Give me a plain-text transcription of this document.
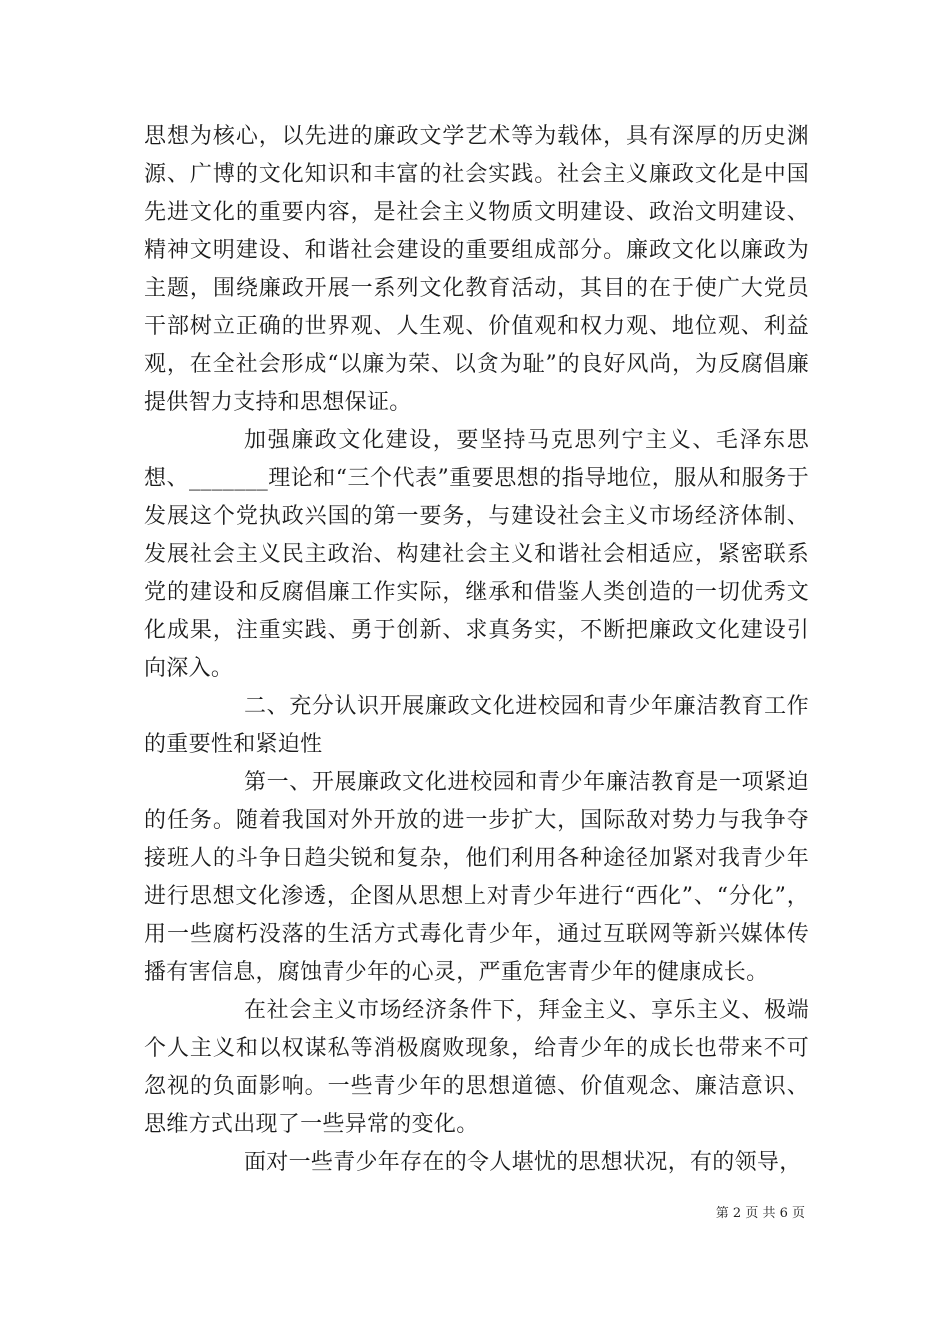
思想为核心，以先进的廉政文学艺术等为载体，具有深厚的历史渊源、广博的文化知识和丰富的社会实践。社会主义廉政文化是中国先进文化的重要内容，是社会主义物质文明建设、政治文明建设、精神文明建设、和谐社会建设的重要组成部分。廉政文化以廉政为主题，围绕廉政开展一系列文化教育活动，其目的在于使广大党员干部树立正确的世界观、人生观、价值观和权力观、地位观、利益观，在全社会形成“以廉为荣、以贪为耻”的良好风尚，为反腐倡廉提供智力支持和思想保证。

加强廉政文化建设，要坚持马克思列宁主义、毛泽东思想、_______理论和“三个代表”重要思想的指导地位，服从和服务于发展这个党执政兴国的第一要务，与建设社会主义市场经济体制、发展社会主义民主政治、构建社会主义和谐社会相适应，紧密联系党的建设和反腐倡廉工作实际，继承和借鉴人类创造的一切优秀文化成果，注重实践、勇于创新、求真务实，不断把廉政文化建设引向深入。

二、充分认识开展廉政文化进校园和青少年廉洁教育工作的重要性和紧迫性

第一、开展廉政文化进校园和青少年廉洁教育是一项紧迫的任务。随着我国对外开放的进一步扩大，国际敌对势力与我争夺接班人的斗争日趋尖锐和复杂，他们利用各种途径加紧对我青少年进行思想文化渗透，企图从思想上对青少年进行“西化”、“分化”，用一些腐朽没落的生活方式毒化青少年，通过互联网等新兴媒体传播有害信息，腐蚀青少年的心灵，严重危害青少年的健康成长。

在社会主义市场经济条件下，拜金主义、享乐主义、极端个人主义和以权谋私等消极腐败现象，给青少年的成长也带来不可忽视的负面影响。一些青少年的思想道德、价值观念、廉洁意识、思维方式出现了一些异常的变化。

面对一些青少年存在的令人堪忧的思想状况，有的领导，

第 2 页 共 6 页
